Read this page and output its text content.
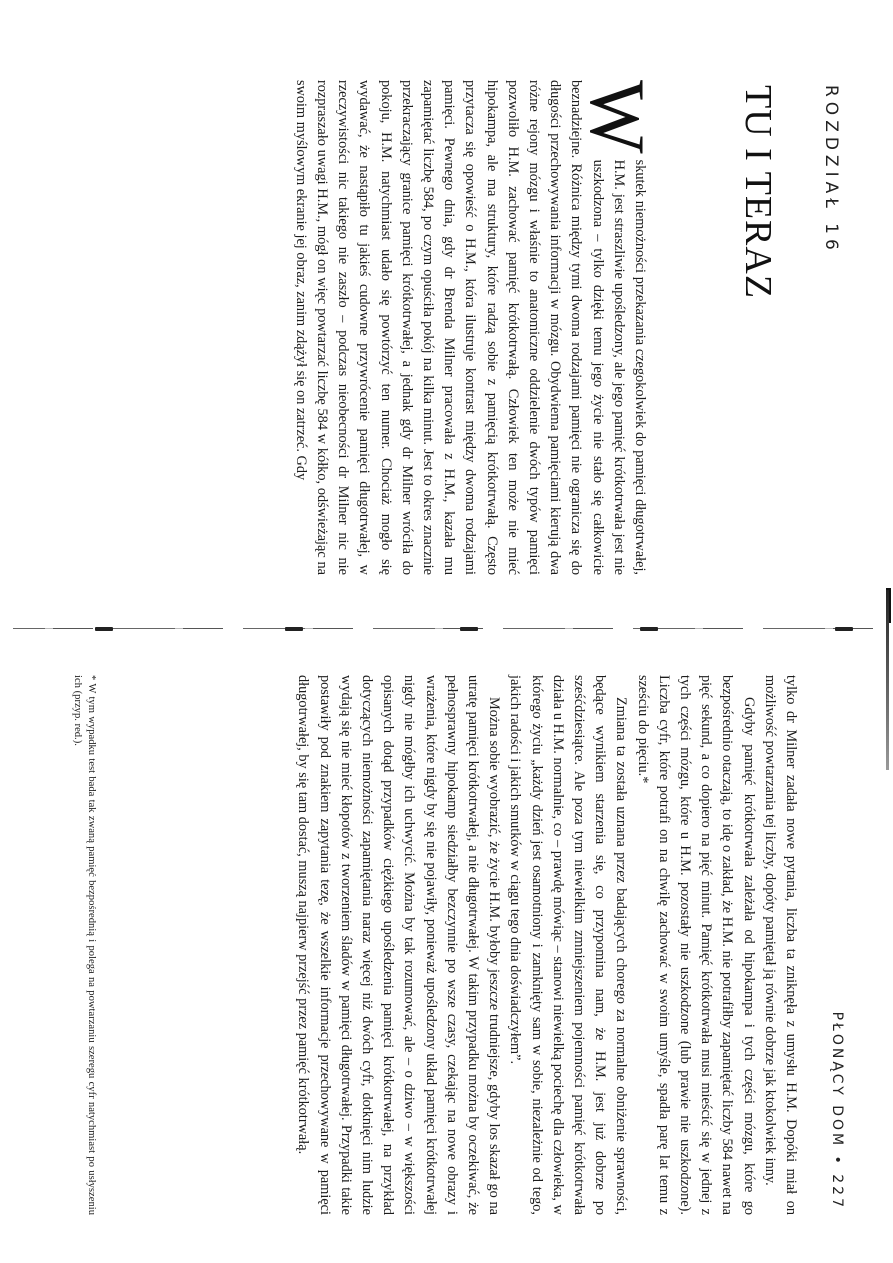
ROZDZIAŁ 16
TU I TERAZ

W
skutek niemożności przekazania czegokolwiek do pamięci długotrwałej, H.M. jest straszliwie upośledzony, ale jego pamięć krótkotrwała jest nie uszkodzona – tylko dzięki temu jego życie nie stało się całkowicie beznadziejne. Różnica między tymi dwoma rodzajami pamięci nie ogranicza się do długości przechowywania informacji w mózgu. Obydwiema pamięciami kierują dwa różne rejony mózgu i właśnie to anatomiczne oddzielenie dwóch typów pamięci pozwoliło H.M. zachować pamięć krótkotrwałą. Człowiek ten może nie mieć hipokampa, ale ma struktury, które radzą sobie z pamięcią krótkotrwałą. Często przytacza się opowieść o H.M., która ilustruje kontrast między dwoma rodzajami pamięci. Pewnego dnia, gdy dr Brenda Milner pracowała z H.M., kazała mu zapamiętać liczbę 584, po czym opuściła pokój na kilka minut. Jest to okres znacznie przekraczający granice pamięci krótkotrwałej, a jednak gdy dr Milner wróciła do pokoju, H.M. natychmiast udało się powtórzyć ten numer. Chociaż mogło się wydawać, że nastąpiło tu jakieś cudowne przywrócenie pamięci długotrwałej, w rzeczywistości nic takiego nie zaszło – podczas nieobecności dr Milner nic nie rozpraszało uwagi H.M., mógł on więc powtarzać liczbę 584 w kółko, odświeżając na swoim myślowym ekranie jej obraz, zanim zdążył się on zatrzeć. Gdy

PŁONĄCY DOM • 227

tylko dr Milner zadała nowe pytania, liczba ta zniknęła z umysłu H.M. Dopóki miał on możliwość powtarzania tej liczby, dopóty pamiętał ją równie dobrze jak ktokolwiek inny.

Gdyby pamięć krótkotrwała zależała od hipokampa i tych części mózgu, które go bezpośrednio otaczają, to idę o zakład, że H.M. nie potrafiłby zapamiętać liczby 584 nawet na pięć sekund, a co dopiero na pięć minut. Pamięć krótkotrwała musi mieścić się w jednej z tych części mózgu, które u H.M. pozostały nie uszkodzone (lub prawie nie uszkodzone). Liczba cyfr, które potrafi on na chwilę zachować w swoim umyśle, spadła parę lat temu z sześciu do pięciu.*

Zmiana ta została uznana przez badających chorego za normalne obniżenie sprawności, będące wynikiem starzenia się, co przypomina nam, że H.M. jest już dobrze po sześćdziesiątce. Ale poza tym niewielkim zmniejszeniem pojemności pamięć krótkotrwała działa u H.M. normalnie, co – prawdę mówiąc – stanowi niewielką pociechę dla człowieka, w którego życiu „każdy dzień jest osamotniony i zamknięty sam w sobie, niezależnie od tego, jakich radości i jakich smutków w ciągu tego dnia doświadczyłem”.

Można sobie wyobrazić, że życie H.M. byłoby jeszcze trudniejsze, gdyby los skazał go na utratę pamięci krótkotrwałej, a nie długotrwałej. W takim przypadku można by oczekiwać, że pełnosprawny hipokamp siedziałby bezczynnie po wsze czasy, czekając na nowe obrazy i wrażenia, które nigdy by się nie pojawiły, ponieważ upośledzony układ pamięci krótkotrwałej nigdy nie mógłby ich uchwycić. Można by tak rozumować, ale – o dziwo – w większości opisanych dotąd przypadków ciężkiego upośledzenia pamięci krótkotrwałej, na przykład dotyczących niemożności zapamiętania naraz więcej niż dwóch cyfr, dotknięci nim ludzie wydają się nie mieć kłopotów z tworzeniem śladów w pamięci długotrwałej. Przypadki takie postawiły pod znakiem zapytania tezę, że wszelkie informacje przechowywane w pamięci długotrwałej, by się tam dostać, muszą najpierw przejść przez pamięć krótkotrwałą.

* W tym wypadku test bada tak zwaną pamięć bezpośrednią i polega na powtarzaniu szeregu cyfr natychmiast po usłyszeniu ich (przyp. red.).
